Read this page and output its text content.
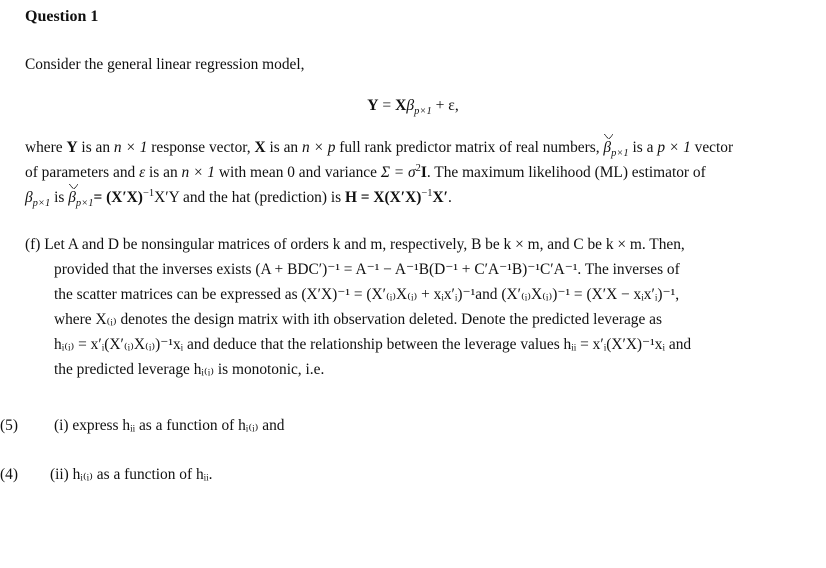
Question 1
Consider the general linear regression model,
$Y = X\beta_{p\times 1} + \varepsilon$,
where Y is an n × 1 response vector, X is an n × p full rank predictor matrix of real numbers, $\beta_{p\times 1}$ is a p × 1 vector
of parameters and ε is an n × 1 with mean 0 and variance $\Sigma = \sigma^2I$. The maximum likelihood (ML) estimator of
$\beta_{p\times 1}$ is $\beta_{p\times 1}= (X'X)^{-1}X'Y$ and the hat (prediction) is $H = X(X'X)^{-1}X'$.
(f) Let A and D be nonsingular matrices of orders k and m, respectively, B be k × m, and C be k × m. Then,
provided that the inverses exists (A + BDC′)⁻¹ = A⁻¹ − A⁻¹B(D⁻¹ + C′A⁻¹B)⁻¹C′A⁻¹. The inverses of
the scatter matrices can be expressed as (X′X)⁻¹ = (X′₍ᵢ₎X₍ᵢ₎ + xᵢx′ᵢ)⁻¹and (X′₍ᵢ₎X₍ᵢ₎)⁻¹ = (X′X − xᵢx′ᵢ)⁻¹,
where X₍ᵢ₎ denotes the design matrix with ith observation deleted. Denote the predicted leverage as
hᵢ₍ᵢ₎ = x′ᵢ(X′₍ᵢ₎X₍ᵢ₎)⁻¹xᵢ and deduce that the relationship between the leverage values hᵢᵢ = x′ᵢ(X′X)⁻¹xᵢ and
the predicted leverage hᵢ₍ᵢ₎ is monotonic, i.e.
(i) express hᵢᵢ as a function of hᵢ₍ᵢ₎ and
(5)
(ii) hᵢ₍ᵢ₎ as a function of hᵢᵢ.
(4)
